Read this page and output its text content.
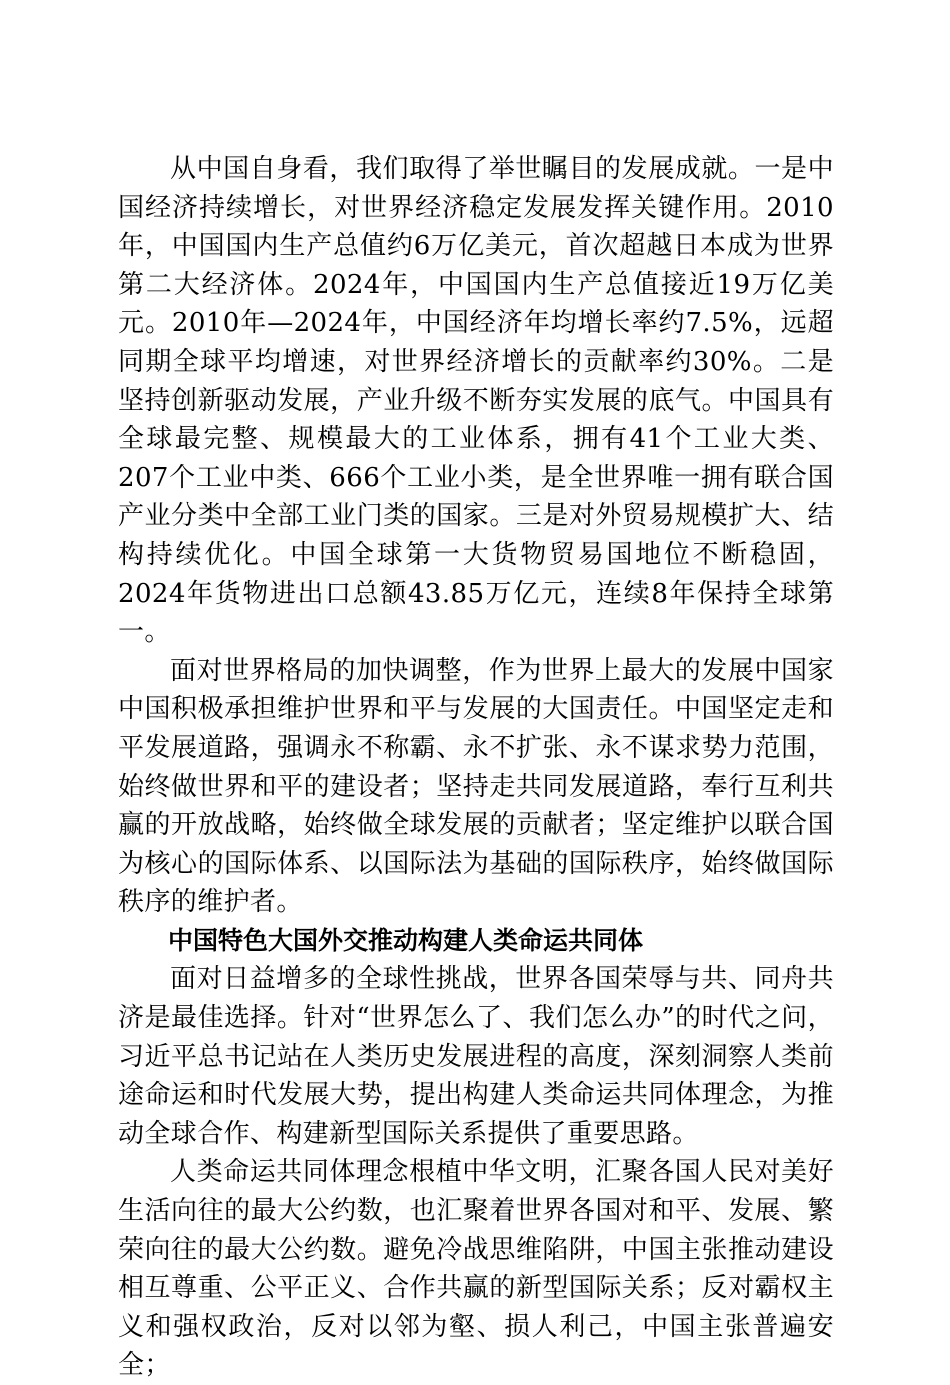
从中国自身看，我们取得了举世瞩目的发展成就。一是中国经济持续增长，对世界经济稳定发展发挥关键作用。2010年，中国国内生产总值约6万亿美元，首次超越日本成为世界第二大经济体。2024年，中国国内生产总值接近19万亿美元。2010年—2024年，中国经济年均增长率约7.5%，远超同期全球平均增速，对世界经济增长的贡献率约30%。二是坚持创新驱动发展，产业升级不断夯实发展的底气。中国具有全球最完整、规模最大的工业体系，拥有41个工业大类、207个工业中类、666个工业小类，是全世界唯一拥有联合国产业分类中全部工业门类的国家。三是对外贸易规模扩大、结构持续优化。中国全球第一大货物贸易国地位不断稳固，2024年货物进出口总额43.85万亿元，连续8年保持全球第一。

面对世界格局的加快调整，作为世界上最大的发展中国家中国积极承担维护世界和平与发展的大国责任。中国坚定走和平发展道路，强调永不称霸、永不扩张、永不谋求势力范围，始终做世界和平的建设者；坚持走共同发展道路，奉行互利共赢的开放战略，始终做全球发展的贡献者；坚定维护以联合国为核心的国际体系、以国际法为基础的国际秩序，始终做国际秩序的维护者。

中国特色大国外交推动构建人类命运共同体

面对日益增多的全球性挑战，世界各国荣辱与共、同舟共济是最佳选择。针对“世界怎么了、我们怎么办”的时代之问，习近平总书记站在人类历史发展进程的高度，深刻洞察人类前途命运和时代发展大势，提出构建人类命运共同体理念，为推动全球合作、构建新型国际关系提供了重要思路。

人类命运共同体理念根植中华文明，汇聚各国人民对美好生活向往的最大公约数，也汇聚着世界各国对和平、发展、繁荣向往的最大公约数。避免冷战思维陷阱，中国主张推动建设相互尊重、公平正义、合作共赢的新型国际关系；反对霸权主义和强权政治，反对以邻为壑、损人利己，中国主张普遍安全；
